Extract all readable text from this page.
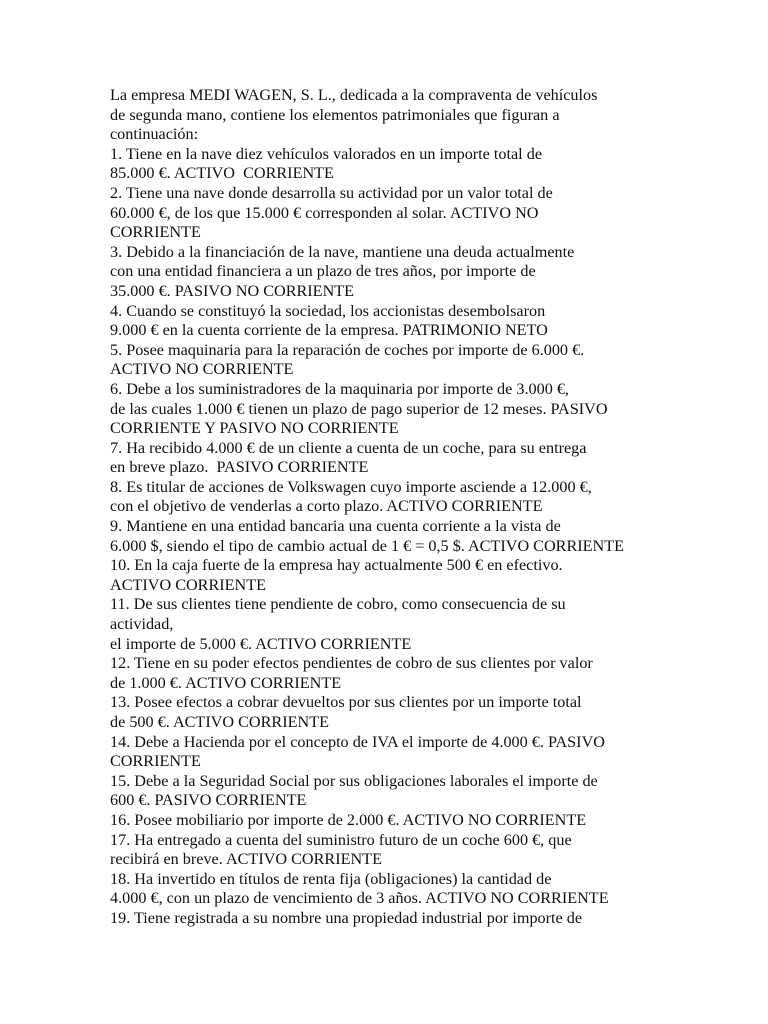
La empresa MEDI WAGEN, S. L., dedicada a la compraventa de vehículos
de segunda mano, contiene los elementos patrimoniales que figuran a
continuación:
1. Tiene en la nave diez vehículos valorados en un importe total de
85.000 €. ACTIVO  CORRIENTE
2. Tiene una nave donde desarrolla su actividad por un valor total de
60.000 €, de los que 15.000 € corresponden al solar. ACTIVO NO
CORRIENTE
3. Debido a la financiación de la nave, mantiene una deuda actualmente
con una entidad financiera a un plazo de tres años, por importe de
35.000 €. PASIVO NO CORRIENTE
4. Cuando se constituyó la sociedad, los accionistas desembolsaron
9.000 € en la cuenta corriente de la empresa. PATRIMONIO NETO
5. Posee maquinaria para la reparación de coches por importe de 6.000 €.
ACTIVO NO CORRIENTE
6. Debe a los suministradores de la maquinaria por importe de 3.000 €,
de las cuales 1.000 € tienen un plazo de pago superior de 12 meses. PASIVO
CORRIENTE Y PASIVO NO CORRIENTE
7. Ha recibido 4.000 € de un cliente a cuenta de un coche, para su entrega
en breve plazo.  PASIVO CORRIENTE
8. Es titular de acciones de Volkswagen cuyo importe asciende a 12.000 €,
con el objetivo de venderlas a corto plazo. ACTIVO CORRIENTE
9. Mantiene en una entidad bancaria una cuenta corriente a la vista de
6.000 $, siendo el tipo de cambio actual de 1 € = 0,5 $. ACTIVO CORRIENTE
10. En la caja fuerte de la empresa hay actualmente 500 € en efectivo.
ACTIVO CORRIENTE
11. De sus clientes tiene pendiente de cobro, como consecuencia de su
actividad,
el importe de 5.000 €. ACTIVO CORRIENTE
12. Tiene en su poder efectos pendientes de cobro de sus clientes por valor
de 1.000 €. ACTIVO CORRIENTE
13. Posee efectos a cobrar devueltos por sus clientes por un importe total
de 500 €. ACTIVO CORRIENTE
14. Debe a Hacienda por el concepto de IVA el importe de 4.000 €. PASIVO
CORRIENTE
15. Debe a la Seguridad Social por sus obligaciones laborales el importe de
600 €. PASIVO CORRIENTE
16. Posee mobiliario por importe de 2.000 €. ACTIVO NO CORRIENTE
17. Ha entregado a cuenta del suministro futuro de un coche 600 €, que
recibirá en breve. ACTIVO CORRIENTE
18. Ha invertido en títulos de renta fija (obligaciones) la cantidad de
4.000 €, con un plazo de vencimiento de 3 años. ACTIVO NO CORRIENTE
19. Tiene registrada a su nombre una propiedad industrial por importe de
